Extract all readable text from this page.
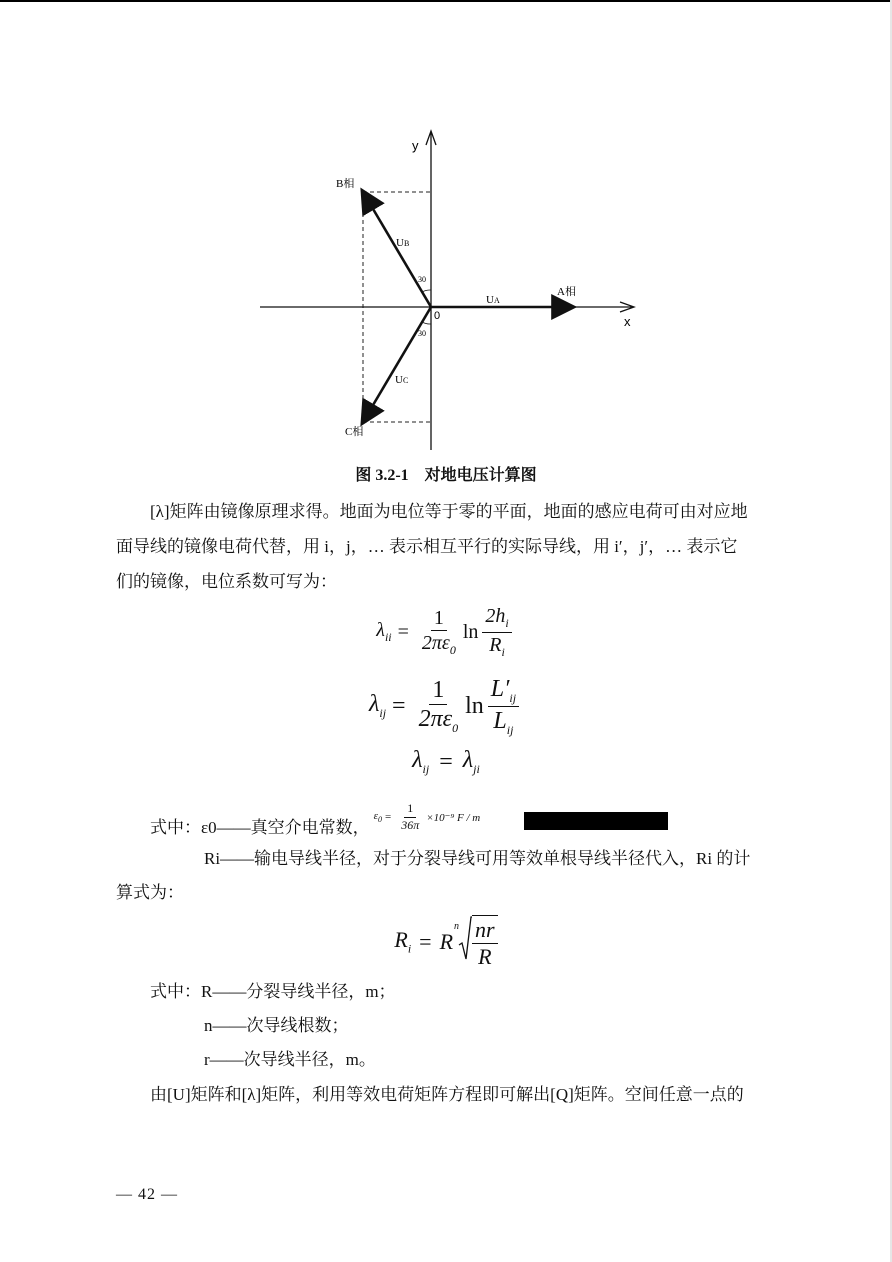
y
x
0
B相
A相
C相
UA
UB
UC
30
30
图 3.2-1 对地电压计算图
[λ]矩阵由镜像原理求得。地面为电位等于零的平面，地面的感应电荷可由对应地
面导线的镜像电荷代替，用 i，j，… 表示相互平行的实际导线，用 i′，j′，… 表示它
们的镜像，电位系数可写为：
$\lambda_{ii} = \frac{1}{2\pi\varepsilon_0}$ $\ln \frac{2h_i}{R_i}$
$\lambda_{ij} = \frac{1}{2\pi\varepsilon_0}$ $\ln \frac{L'_{ij}}{L_{ij}}$
$\lambda_{ij} = \lambda_{ji}$
式中：ε0——真空介电常数，
$\varepsilon_0 = \frac{1}{36\pi} \times 10^{-9}$ F / m
Ri——输电导线半径，对于分裂导线可用等效单根导线半径代入，Ri 的计
算式为：
$R_i = R$
n $\frac{nr}{R}$
式中：R——分裂导线半径，m；
n——次导线根数；
r——次导线半径，m。
由[U]矩阵和[λ]矩阵，利用等效电荷矩阵方程即可解出[Q]矩阵。空间任意一点的
— 42 —
